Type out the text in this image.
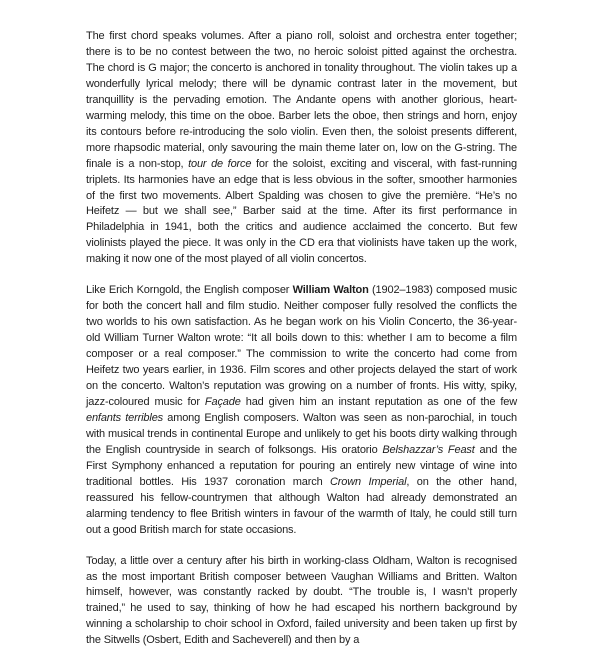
The first chord speaks volumes. After a piano roll, soloist and orchestra enter together; there is to be no contest between the two, no heroic soloist pitted against the orchestra. The chord is G major; the concerto is anchored in tonality throughout. The violin takes up a wonderfully lyrical melody; there will be dynamic contrast later in the movement, but tranquillity is the pervading emotion. The Andante opens with another glorious, heart-warming melody, this time on the oboe. Barber lets the oboe, then strings and horn, enjoy its contours before re-introducing the solo violin. Even then, the soloist presents different, more rhapsodic material, only savouring the main theme later on, low on the G-string. The finale is a non-stop, tour de force for the soloist, exciting and visceral, with fast-running triplets. Its harmonies have an edge that is less obvious in the softer, smoother harmonies of the first two movements. Albert Spalding was chosen to give the première. “He’s no Heifetz — but we shall see,” Barber said at the time. After its first performance in Philadelphia in 1941, both the critics and audience acclaimed the concerto. But few violinists played the piece. It was only in the CD era that violinists have taken up the work, making it now one of the most played of all violin concertos.

Like Erich Korngold, the English composer William Walton (1902–1983) composed music for both the concert hall and film studio. Neither composer fully resolved the conflicts the two worlds to his own satisfaction. As he began work on his Violin Concerto, the 36-year-old William Turner Walton wrote: “It all boils down to this: whether I am to become a film composer or a real composer.” The commission to write the concerto had come from Heifetz two years earlier, in 1936. Film scores and other projects delayed the start of work on the concerto. Walton’s reputation was growing on a number of fronts. His witty, spiky, jazz-coloured music for Façade had given him an instant reputation as one of the few enfants terribles among English composers. Walton was seen as non-parochial, in touch with musical trends in continental Europe and unlikely to get his boots dirty walking through the English countryside in search of folksongs. His oratorio Belshazzar’s Feast and the First Symphony enhanced a reputation for pouring an entirely new vintage of wine into traditional bottles. His 1937 coronation march Crown Imperial, on the other hand, reassured his fellow-countrymen that although Walton had already demonstrated an alarming tendency to flee British winters in favour of the warmth of Italy, he could still turn out a good British march for state occasions.

Today, a little over a century after his birth in working-class Oldham, Walton is recognised as the most important British composer between Vaughan Williams and Britten. Walton himself, however, was constantly racked by doubt. “The trouble is, I wasn’t properly trained,” he used to say, thinking of how he had escaped his northern background by winning a scholarship to choir school in Oxford, failed university and been taken up first by the Sitwells (Osbert, Edith and Sacheverell) and then by a
